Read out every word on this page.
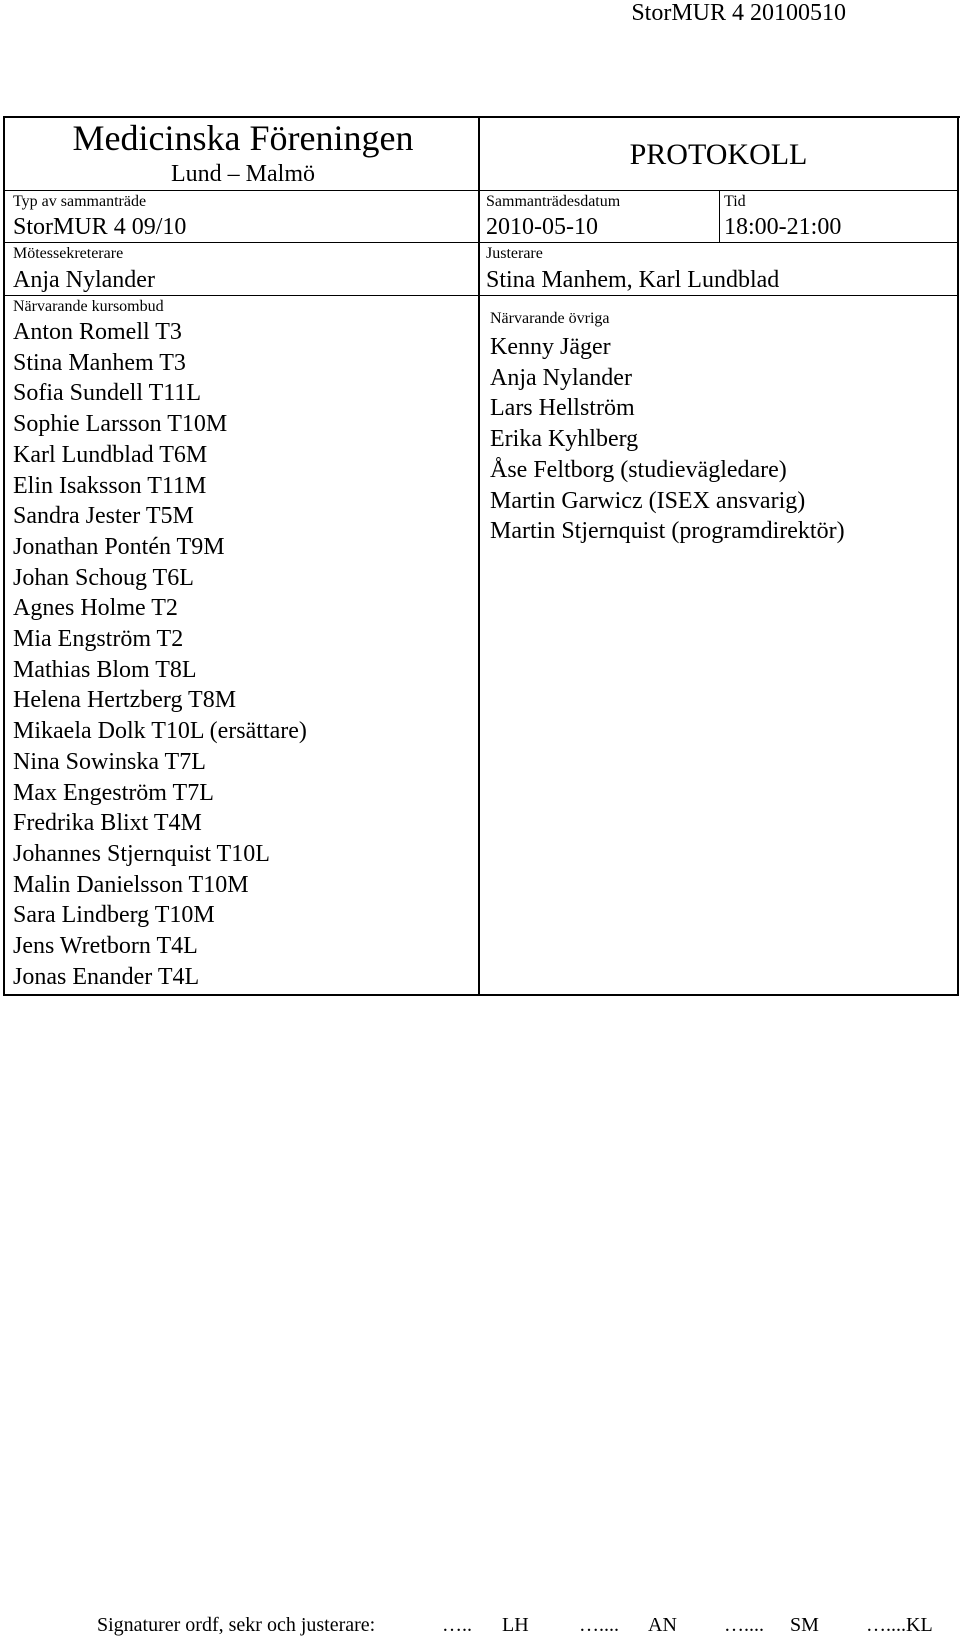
StorMUR 4 20100510
Medicinska Föreningen
Lund – Malmö
PROTOKOLL
Typ av sammanträde
StorMUR 4 09/10
Sammanträdesdatum
2010-05-10
Tid
18:00-21:00
Mötessekreterare
Anja Nylander
Justerare
Stina Manhem, Karl Lundblad
Närvarande kursombud
Anton Romell T3
Stina Manhem T3
Sofia Sundell T11L
Sophie Larsson T10M
Karl Lundblad T6M
Elin Isaksson T11M
Sandra Jester T5M
Jonathan Pontén T9M
Johan Schoug T6L
Agnes Holme T2
Mia Engström T2
Mathias Blom T8L
Helena Hertzberg T8M
Mikaela Dolk T10L (ersättare)
Nina Sowinska T7L
Max Engeström T7L
Fredrika Blixt T4M
Johannes Stjernquist T10L
Malin Danielsson T10M
Sara Lindberg T10M
Jens Wretborn T4L
Jonas Enander T4L
Närvarande övriga
Kenny Jäger
Anja Nylander
Lars Hellström
Erika Kyhlberg
Åse Feltborg (studievägledare)
Martin Garwicz (ISEX ansvarig)
Martin Stjernquist (programdirektör)
Signaturer ordf, sekr och justerare:	….. LH	….... AN ….... SM …....KL
